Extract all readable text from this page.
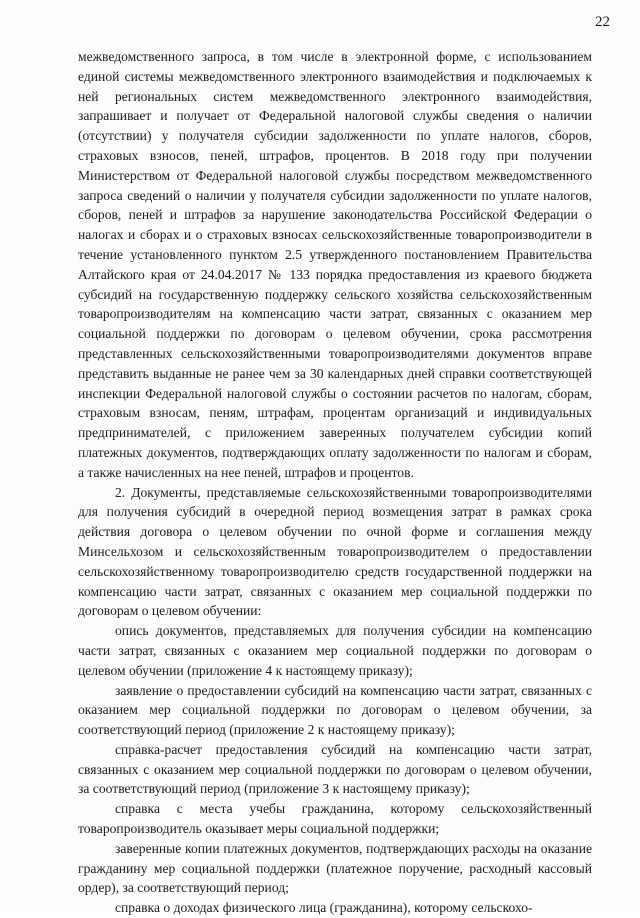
22

межведомственного запроса, в том числе в электронной форме, с использованием единой системы межведомственного электронного взаимодействия и подключаемых к ней региональных систем межведомственного электронного взаимодействия, запрашивает и получает от Федеральной налоговой службы сведения о наличии (отсутствии) у получателя субсидии задолженности по уплате налогов, сборов, страховых взносов, пеней, штрафов, процентов. В 2018 году при получении Министерством от Федеральной налоговой службы посредством межведомственного запроса сведений о наличии у получателя субсидии задолженности по уплате налогов, сборов, пеней и штрафов за нарушение законодательства Российской Федерации о налогах и сборах и о страховых взносах сельскохозяйственные товаропроизводители в течение установленного пунктом 2.5 утвержденного постановлением Правительства Алтайского края от 24.04.2017 № 133 порядка предоставления из краевого бюджета субсидий на государственную поддержку сельского хозяйства сельскохозяйственным товаропроизводителям на компенсацию части затрат, связанных с оказанием мер социальной поддержки по договорам о целевом обучении, срока рассмотрения представленных сельскохозяйственными товаропроизводителями документов вправе представить выданные не ранее чем за 30 календарных дней справки соответствующей инспекции Федеральной налоговой службы о состоянии расчетов по налогам, сборам, страховым взносам, пеням, штрафам, процентам организаций и индивидуальных предпринимателей, с приложением заверенных получателем субсидии копий платежных документов, подтверждающих оплату задолженности по налогам и сборам, а также начисленных на нее пеней, штрафов и процентов.

2. Документы, представляемые сельскохозяйственными товаропроизводителями для получения субсидий в очередной период возмещения затрат в рамках срока действия договора о целевом обучении по очной форме и соглашения между Минсельхозом и сельскохозяйственным товаропроизводителем о предоставлении сельскохозяйственному товаропроизводителю средств государственной поддержки на компенсацию части затрат, связанных с оказанием мер социальной поддержки по договорам о целевом обучении:

опись документов, представляемых для получения субсидии на компенсацию части затрат, связанных с оказанием мер социальной поддержки по договорам о целевом обучении (приложение 4 к настоящему приказу);

заявление о предоставлении субсидий на компенсацию части затрат, связанных с оказанием мер социальной поддержки по договорам о целевом обучении, за соответствующий период (приложение 2 к настоящему приказу);

справка-расчет предоставления субсидий на компенсацию части затрат, связанных с оказанием мер социальной поддержки по договорам о целевом обучении, за соответствующий период (приложение 3 к настоящему приказу);

справка с места учебы гражданина, которому сельскохозяйственный товаропроизводитель оказывает меры социальной поддержки;

заверенные копии платежных документов, подтверждающих расходы на оказание гражданину мер социальной поддержки (платежное поручение, расходный кассовый ордер), за соответствующий период;

справка о доходах физического лица (гражданина), которому сельскохо-
